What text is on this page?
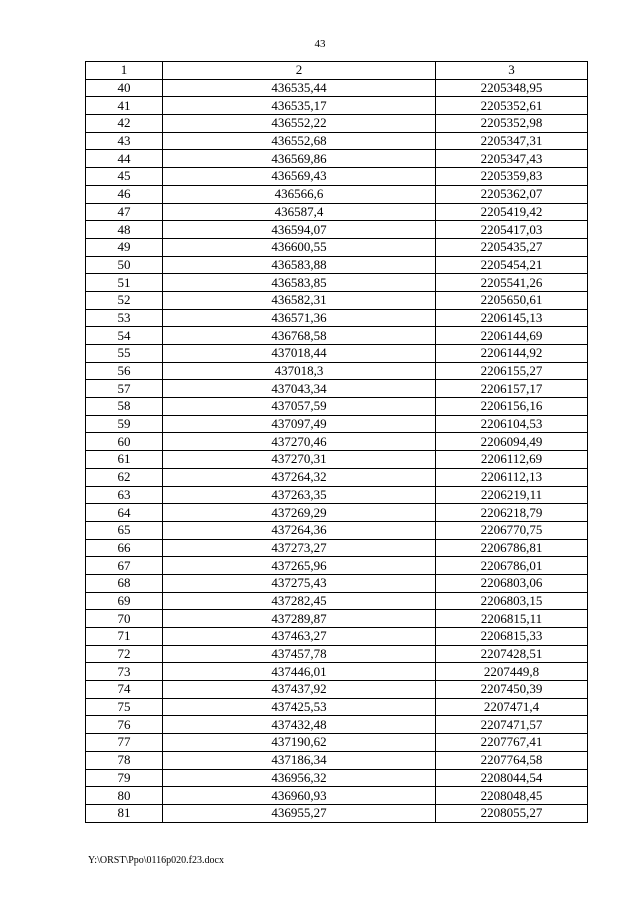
43
1	2	3
40	436535,44	2205348,95
41	436535,17	2205352,61
42	436552,22	2205352,98
43	436552,68	2205347,31
44	436569,86	2205347,43
45	436569,43	2205359,83
46	436566,6	2205362,07
47	436587,4	2205419,42
48	436594,07	2205417,03
49	436600,55	2205435,27
50	436583,88	2205454,21
51	436583,85	2205541,26
52	436582,31	2205650,61
53	436571,36	2206145,13
54	436768,58	2206144,69
55	437018,44	2206144,92
56	437018,3	2206155,27
57	437043,34	2206157,17
58	437057,59	2206156,16
59	437097,49	2206104,53
60	437270,46	2206094,49
61	437270,31	2206112,69
62	437264,32	2206112,13
63	437263,35	2206219,11
64	437269,29	2206218,79
65	437264,36	2206770,75
66	437273,27	2206786,81
67	437265,96	2206786,01
68	437275,43	2206803,06
69	437282,45	2206803,15
70	437289,87	2206815,11
71	437463,27	2206815,33
72	437457,78	2207428,51
73	437446,01	2207449,8
74	437437,92	2207450,39
75	437425,53	2207471,4
76	437432,48	2207471,57
77	437190,62	2207767,41
78	437186,34	2207764,58
79	436956,32	2208044,54
80	436960,93	2208048,45
81	436955,27	2208055,27
Y:\ORST\Ppo\0116p020.f23.docx
